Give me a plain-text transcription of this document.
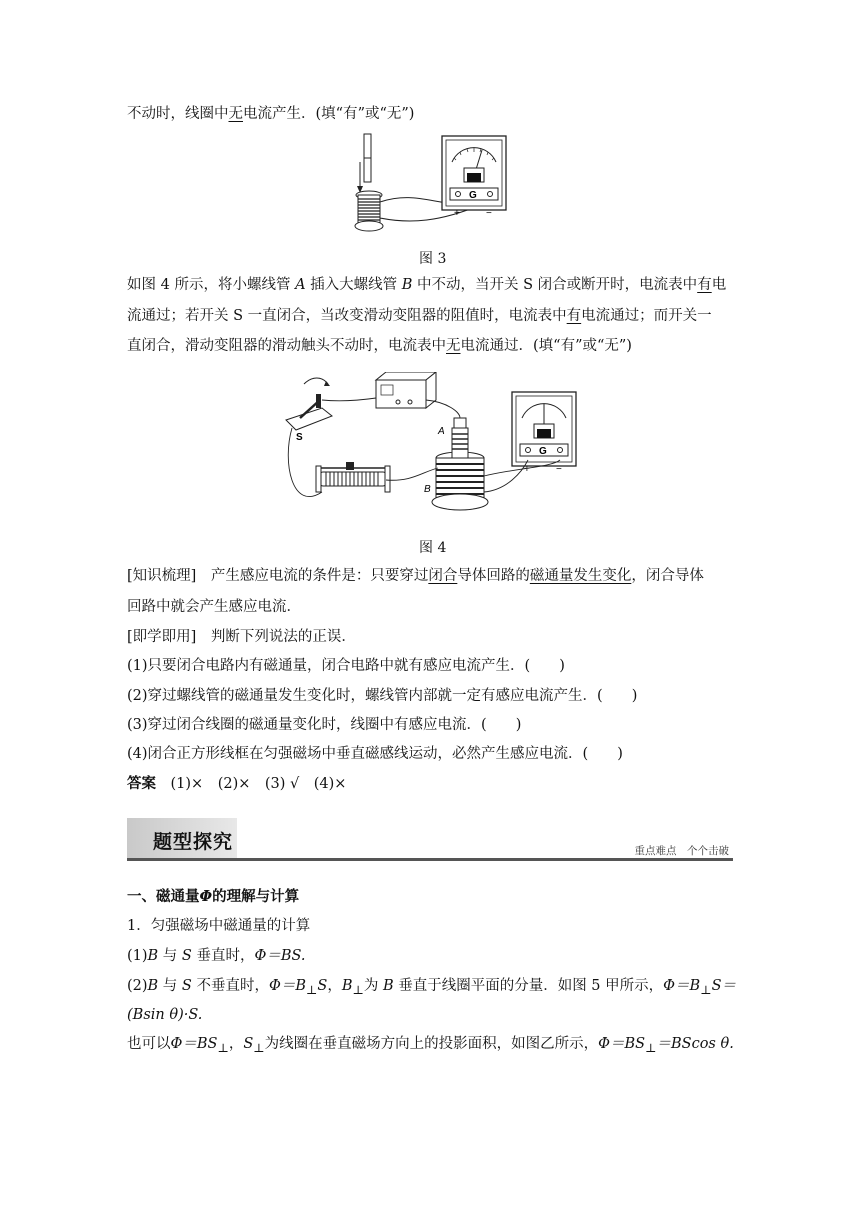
不动时，线圈中无电流产生．(填“有”或“无”)
G
+	−
图 3
如图 4 所示，将小螺线管 A 插入大螺线管 B 中不动，当开关 S 闭合或断开时，电流表中有电
流通过；若开关 S 一直闭合，当改变滑动变阻器的阻值时，电流表中有电流通过；而开关一
直闭合，滑动变阻器的滑动触头不动时，电流表中无电流通过．(填“有”或“无”)
S
A
B
G
+	−
图 4
[知识梳理]　产生感应电流的条件是：只要穿过闭合导体回路的磁通量发生变化，闭合导体
回路中就会产生感应电流．
[即学即用]　判断下列说法的正误．
(1)只要闭合电路内有磁通量，闭合电路中就有感应电流产生．(　　)
(2)穿过螺线管的磁通量发生变化时，螺线管内部就一定有感应电流产生．(　　)
(3)穿过闭合线圈的磁通量变化时，线圈中有感应电流．(　　)
(4)闭合正方形线框在匀强磁场中垂直磁感线运动，必然产生感应电流．(　　)
答案　(1)×　(2)×　(3) √　(4)×
题型探究	重点难点　个个击破
一、磁通量Φ的理解与计算
1．匀强磁场中磁通量的计算
(1)B 与 S 垂直时，Φ＝BS.
(2)B 与 S 不垂直时，$\Phi=B_\perp S$，$B_\perp$为 B 垂直于线圈平面的分量．如图 5 甲所示，$\Phi=B_\perp S=$
(Bsin θ)·S.
也可以$\Phi=BS_\perp$，$S_\perp$为线圈在垂直磁场方向上的投影面积，如图乙所示，$\Phi=BS_\perp=BScos$ θ.
